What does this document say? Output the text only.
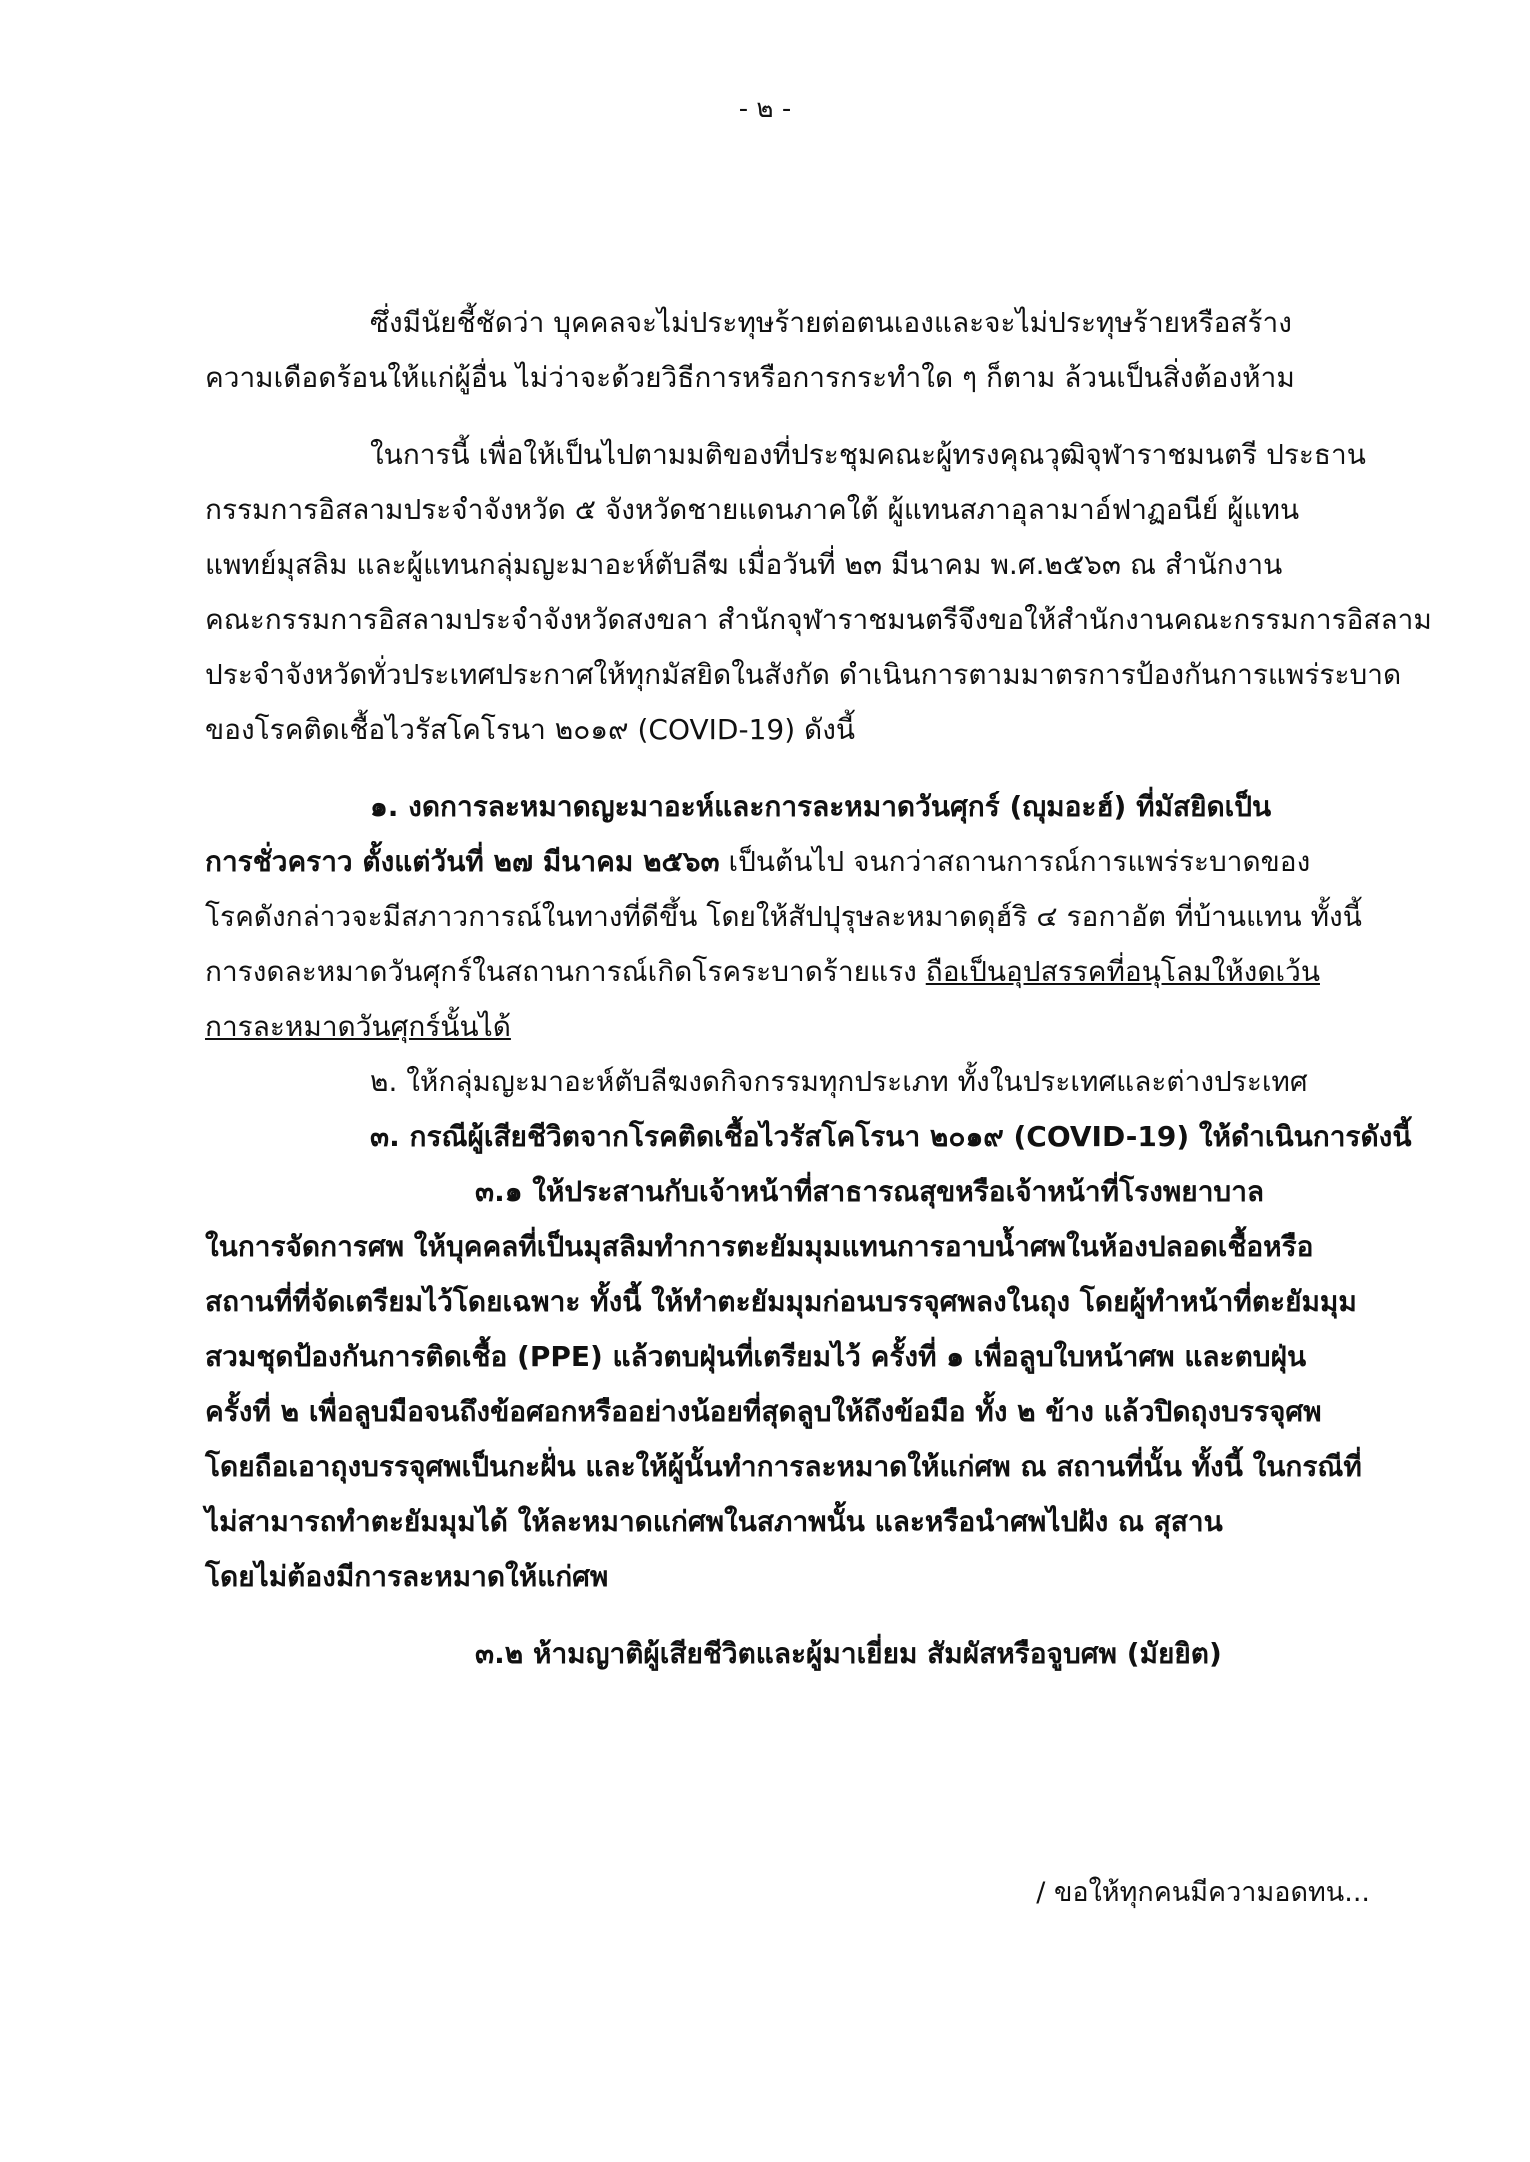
- ๒ -
ซึ่งมีนัยชี้ชัดว่า บุคคลจะไม่ประทุษร้ายต่อตนเองและจะไม่ประทุษร้ายหรือสร้าง
ความเดือดร้อนให้แก่ผู้อื่น ไม่ว่าจะด้วยวิธีการหรือการกระทำใด ๆ ก็ตาม ล้วนเป็นสิ่งต้องห้าม
ในการนี้ เพื่อให้เป็นไปตามมติของที่ประชุมคณะผู้ทรงคุณวุฒิจุฬาราชมนตรี ประธาน
กรรมการอิสลามประจำจังหวัด ๕ จังหวัดชายแดนภาคใต้ ผู้แทนสภาอุลามาอ์ฟาฏอนีย์ ผู้แทน
แพทย์มุสลิม และผู้แทนกลุ่มญะมาอะห์ตับลีฆ เมื่อวันที่ ๒๓ มีนาคม พ.ศ.๒๕๖๓ ณ สำนักงาน
คณะกรรมการอิสลามประจำจังหวัดสงขลา สำนักจุฬาราชมนตรีจึงขอให้สำนักงานคณะกรรมการอิสลาม
ประจำจังหวัดทั่วประเทศประกาศให้ทุกมัสยิดในสังกัด ดำเนินการตามมาตรการป้องกันการแพร่ระบาด
ของโรคติดเชื้อไวรัสโคโรนา ๒๐๑๙ (COVID-19) ดังนี้
๑. งดการละหมาดญะมาอะห์และการละหมาดวันศุกร์ (ญุมอะฮ์) ที่มัสยิดเป็น
การชั่วคราว ตั้งแต่วันที่ ๒๗ มีนาคม ๒๕๖๓ เป็นต้นไป จนกว่าสถานการณ์การแพร่ระบาดของ
โรคดังกล่าวจะมีสภาวการณ์ในทางที่ดีขึ้น โดยให้สัปปุรุษละหมาดดุฮ์ริ ๔ รอกาอัต ที่บ้านแทน ทั้งนี้
การงดละหมาดวันศุกร์ในสถานการณ์เกิดโรคระบาดร้ายแรง ถือเป็นอุปสรรคที่อนุโลมให้งดเว้น
การละหมาดวันศุกร์นั้นได้
๒. ให้กลุ่มญะมาอะห์ตับลีฆงดกิจกรรมทุกประเภท ทั้งในประเทศและต่างประเทศ
๓. กรณีผู้เสียชีวิตจากโรคติดเชื้อไวรัสโคโรนา ๒๐๑๙ (COVID-19) ให้ดำเนินการดังนี้
๓.๑ ให้ประสานกับเจ้าหน้าที่สาธารณสุขหรือเจ้าหน้าที่โรงพยาบาล
ในการจัดการศพ ให้บุคคลที่เป็นมุสลิมทำการตะยัมมุมแทนการอาบน้ำศพในห้องปลอดเชื้อหรือ
สถานที่ที่จัดเตรียมไว้โดยเฉพาะ ทั้งนี้ ให้ทำตะยัมมุมก่อนบรรจุศพลงในถุง โดยผู้ทำหน้าที่ตะยัมมุม
สวมชุดป้องกันการติดเชื้อ (PPE) แล้วตบฝุ่นที่เตรียมไว้ ครั้งที่ ๑ เพื่อลูบใบหน้าศพ และตบฝุ่น
ครั้งที่ ๒ เพื่อลูบมือจนถึงข้อศอกหรืออย่างน้อยที่สุดลูบให้ถึงข้อมือ ทั้ง ๒ ข้าง แล้วปิดถุงบรรจุศพ
โดยถือเอาถุงบรรจุศพเป็นกะฝั่น และให้ผู้นั้นทำการละหมาดให้แก่ศพ ณ สถานที่นั้น ทั้งนี้ ในกรณีที่
ไม่สามารถทำตะยัมมุมได้ ให้ละหมาดแก่ศพในสภาพนั้น และหรือนำศพไปฝัง ณ สุสาน
โดยไม่ต้องมีการละหมาดให้แก่ศพ
๓.๒ ห้ามญาติผู้เสียชีวิตและผู้มาเยี่ยม สัมผัสหรือจูบศพ (มัยยิต)
/ ขอให้ทุกคนมีความอดทน...
